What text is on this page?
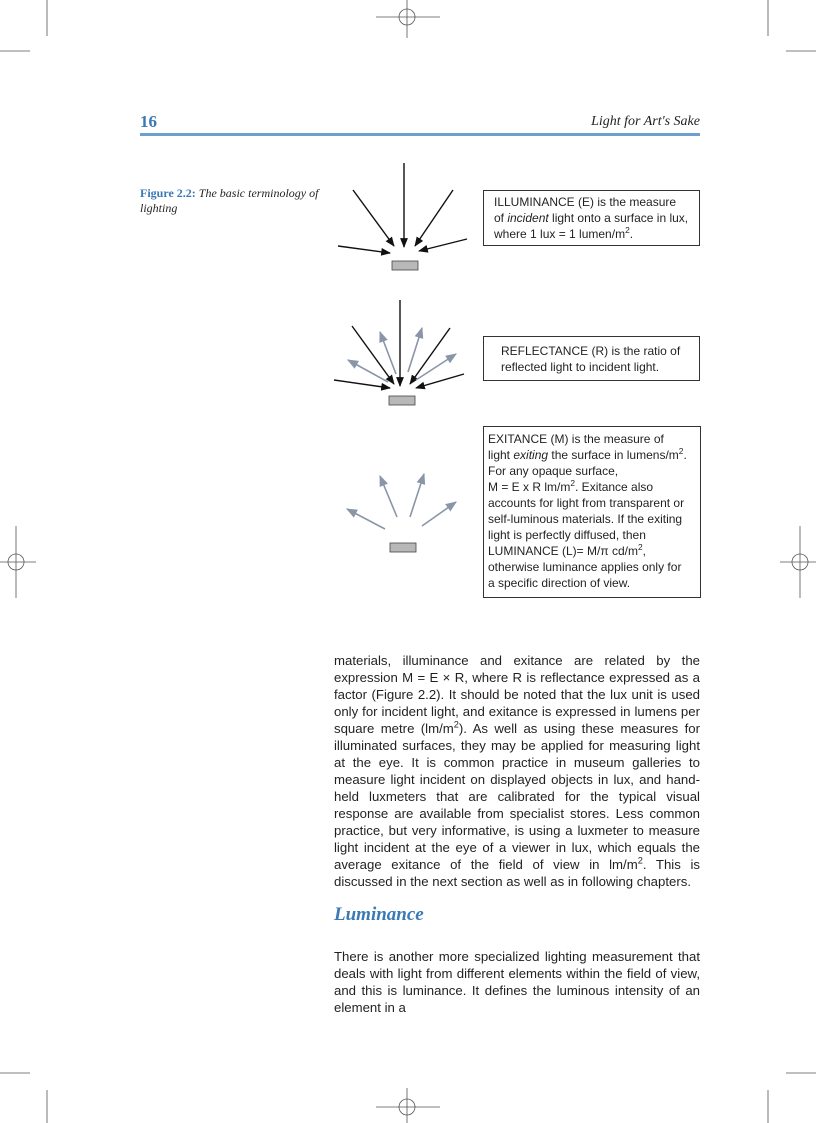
16	Light for Art's Sake
Figure 2.2: The basic terminology of lighting	ILLUMINANCE (E) is the measure
of incident light onto a surface in lux,
where 1 lux = 1 lumen/$m^2$.
REFLECTANCE (R) is the ratio of
reflected light to incident light.
EXITANCE (M) is the measure of
light exiting the surface in lumens/$m^2$.
For any opaque surface,
M = E x R $lm/m^2$. Exitance also
accounts for light from transparent or
self-luminous materials. If the exiting
light is perfectly diffused, then
LUMINANCE (L)= M/π $cd/m^2$,
otherwise luminance applies only for
a specific direction of view.

materials, illuminance and exitance are related by the expression M = E × R, where R is reflectance expressed as a factor (Figure 2.2). It should be noted that the lux unit is used only for incident light, and exitance is expressed in lumens per square metre $(lm/m^2)$. As well as using these measures for illuminated surfaces, they may be applied for measuring light at the eye. It is common practice in museum galleries to measure light incident on displayed objects in lux, and hand-held luxmeters that are calibrated for the typical visual response are available from specialist stores. Less common practice, but very informative, is using a luxmeter to measure light incident at the eye of a viewer in lux, which equals the average exitance of the field of view in $lm/m^2$. This is discussed in the next section as well as in following chapters.

Luminance

There is another more specialized lighting measurement that deals with light from different elements within the field of view, and this is luminance. It defines the luminous intensity of an element in a
